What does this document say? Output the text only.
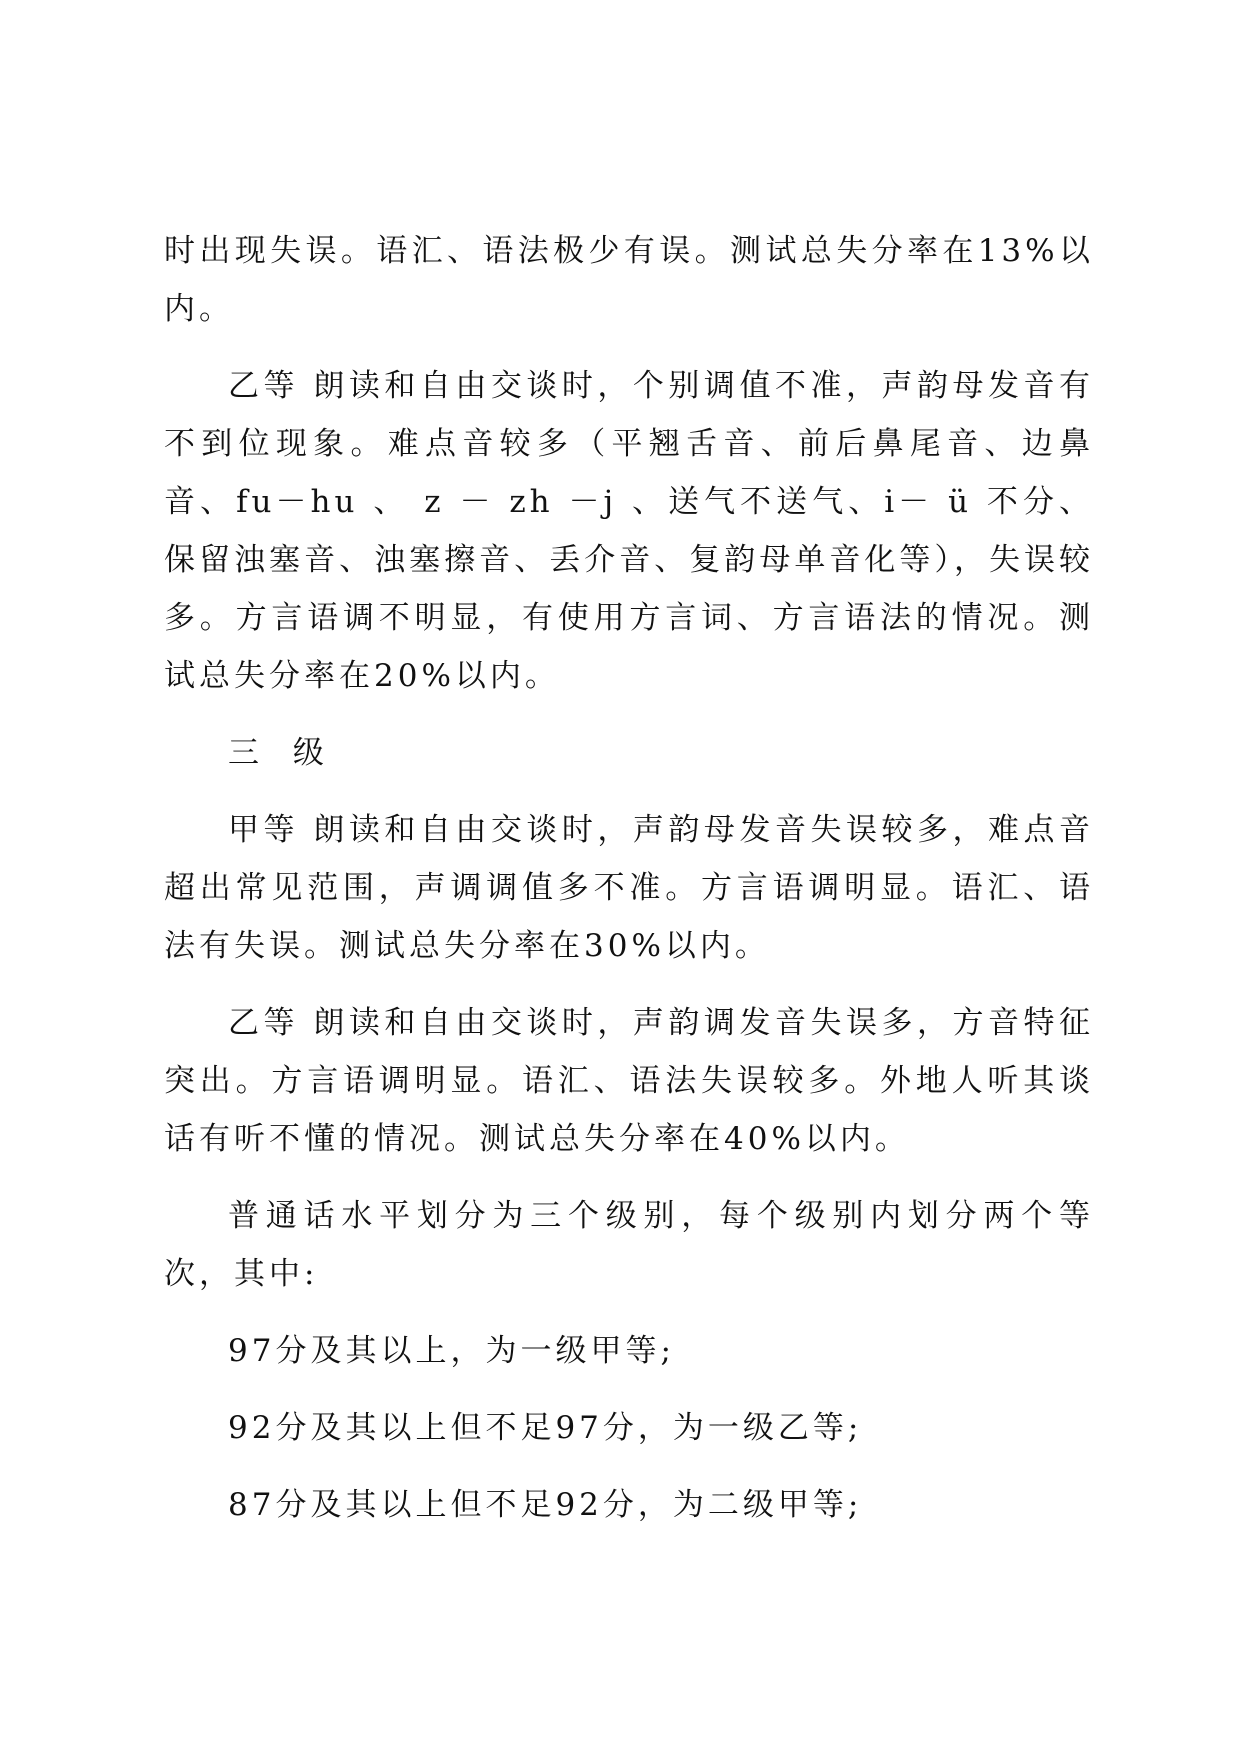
时出现失误。语汇、语法极少有误。测试总失分率在13%以内。

乙等 朗读和自由交谈时，个别调值不准，声韵母发音有不到位现象。难点音较多（平翘舌音、前后鼻尾音、边鼻音、fu－hu 、 z － zh －j 、送气不送气、i－ ü 不分、保留浊塞音、浊塞擦音、丢介音、复韵母单音化等），失误较多。方言语调不明显，有使用方言词、方言语法的情况。测试总失分率在20%以内。

三 级

甲等 朗读和自由交谈时，声韵母发音失误较多，难点音超出常见范围，声调调值多不准。方言语调明显。语汇、语法有失误。测试总失分率在30%以内。

乙等 朗读和自由交谈时，声韵调发音失误多，方音特征突出。方言语调明显。语汇、语法失误较多。外地人听其谈话有听不懂的情况。测试总失分率在40%以内。

普通话水平划分为三个级别，每个级别内划分两个等次，其中:

97分及其以上，为一级甲等;

92分及其以上但不足97分，为一级乙等;

87分及其以上但不足92分，为二级甲等;
